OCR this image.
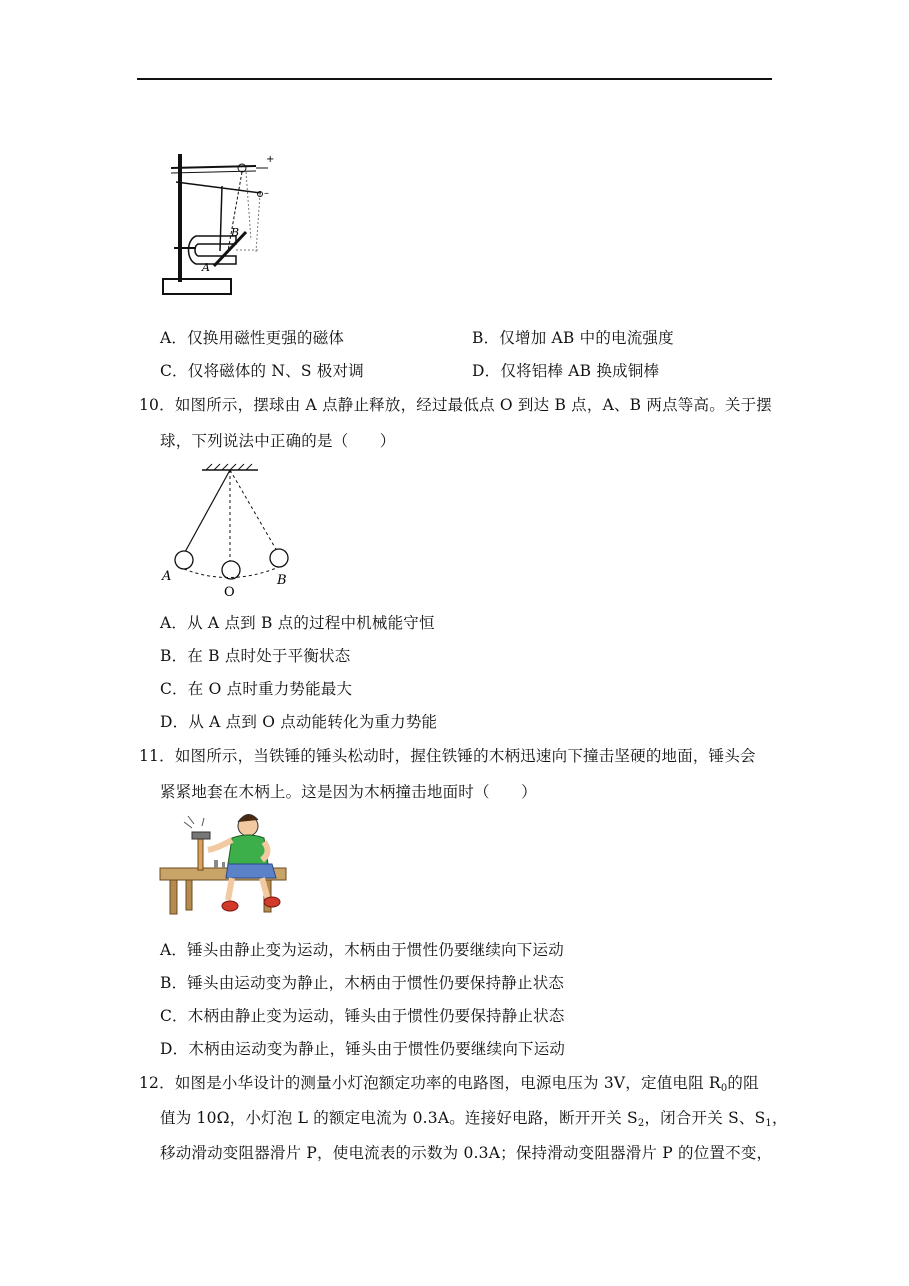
+
–
B
A
A．仅换用磁性更强的磁体	B．仅增加 AB 中的电流强度
C．仅将磁体的 N、S 极对调	D．仅将铝棒 AB 换成铜棒
10．如图所示，摆球由 A 点静止释放，经过最低点 O 到达 B 点，A、B 两点等高。关于摆
球，下列说法中正确的是（　　）
A
O
B
A．从 A 点到 B 点的过程中机械能守恒
B．在 B 点时处于平衡状态
C．在 O 点时重力势能最大
D．从 A 点到 O 点动能转化为重力势能
11．如图所示，当铁锤的锤头松动时，握住铁锤的木柄迅速向下撞击坚硬的地面，锤头会
紧紧地套在木柄上。这是因为木柄撞击地面时（　　）
A．锤头由静止变为运动，木柄由于惯性仍要继续向下运动
B．锤头由运动变为静止，木柄由于惯性仍要保持静止状态
C．木柄由静止变为运动，锤头由于惯性仍要保持静止状态
D．木柄由运动变为静止，锤头由于惯性仍要继续向下运动
12．如图是小华设计的测量小灯泡额定功率的电路图，电源电压为 3V，定值电阻 $R_0$的阻
值为 10Ω，小灯泡 L 的额定电流为 0.3A。连接好电路，断开开关 $S_2$，闭合开关 S、$S_1$，
移动滑动变阻器滑片 P，使电流表的示数为 0.3A；保持滑动变阻器滑片 P 的位置不变，
